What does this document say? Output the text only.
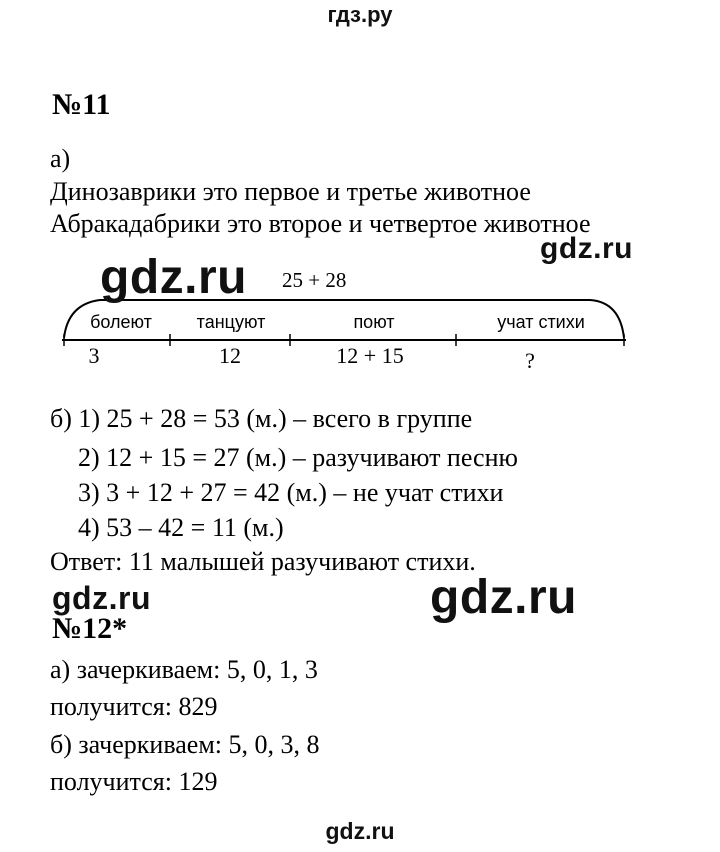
гдз.ру
№11
а)
Динозаврики это первое и третье животное
Абракадабрики это второе и четвертое животное
25 + 28
болеют	танцуют	поют	учат стихи
3	12	12 + 15	?
б) 1) 25 + 28 = 53 (м.) – всего в группе
2) 12 + 15 = 27 (м.) – разучивают песню
3) 3 + 12 + 27 = 42 (м.) – не учат стихи
4) 53 – 42 = 11 (м.)
Ответ: 11 малышей разучивают стихи.
№12*
а) зачеркиваем: 5, 0, 1, 3
получится: 829
б) зачеркиваем: 5, 0, 3, 8
получится: 129
gdz.ru
gdz.ru
gdz.ru	gdz.ru
gdz.ru
